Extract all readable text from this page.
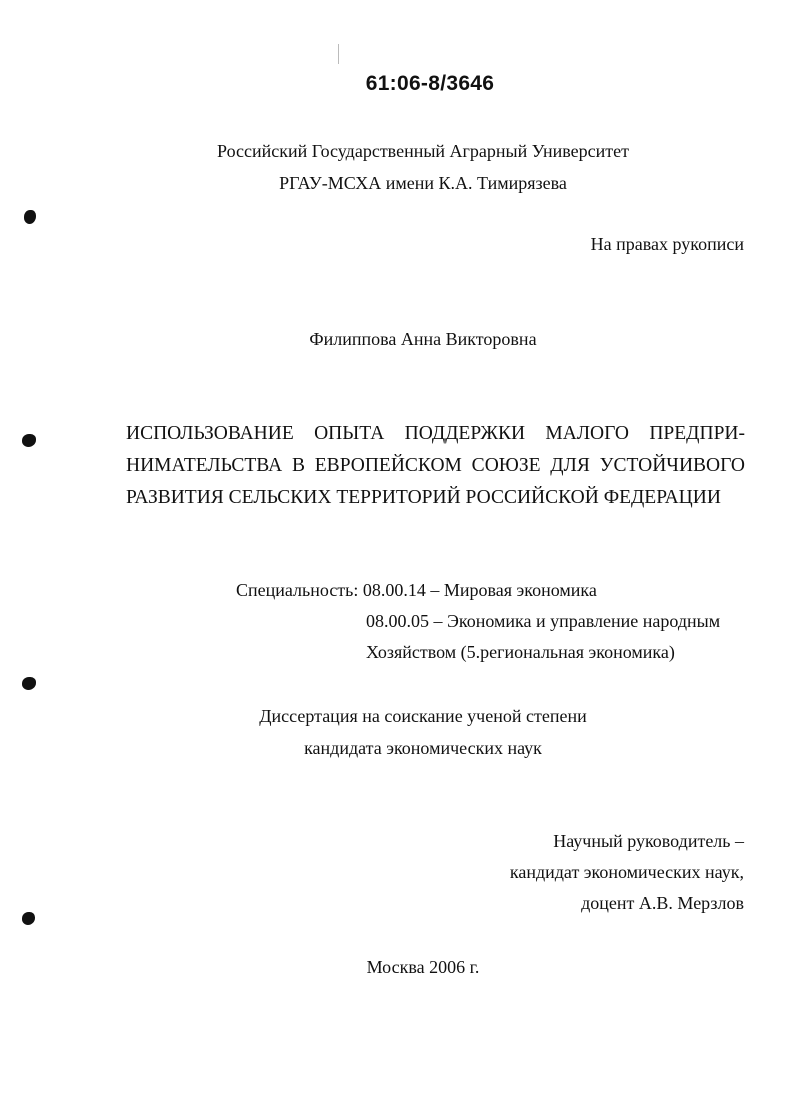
61:06-8/3646
Российский Государственный Аграрный Университет
РГАУ-МСХА имени К.А. Тимирязева
На правах рукописи
Филиппова Анна Викторовна
ИСПОЛЬЗОВАНИЕ ОПЫТА ПОДДЕРЖКИ МАЛОГО ПРЕДПРИ-
НИМАТЕЛЬСТВА В ЕВРОПЕЙСКОМ СОЮЗЕ ДЛЯ УСТОЙЧИВОГО
РАЗВИТИЯ СЕЛЬСКИХ ТЕРРИТОРИЙ РОССИЙСКОЙ ФЕДЕРАЦИИ
Специальность: 08.00.14 – Мировая экономика
08.00.05 – Экономика и управление народным
Хозяйством (5.региональная экономика)
Диссертация на соискание ученой степени
кандидата экономических наук
Научный руководитель –
кандидат экономических наук,
доцент А.В. Мерзлов
Москва 2006 г.
